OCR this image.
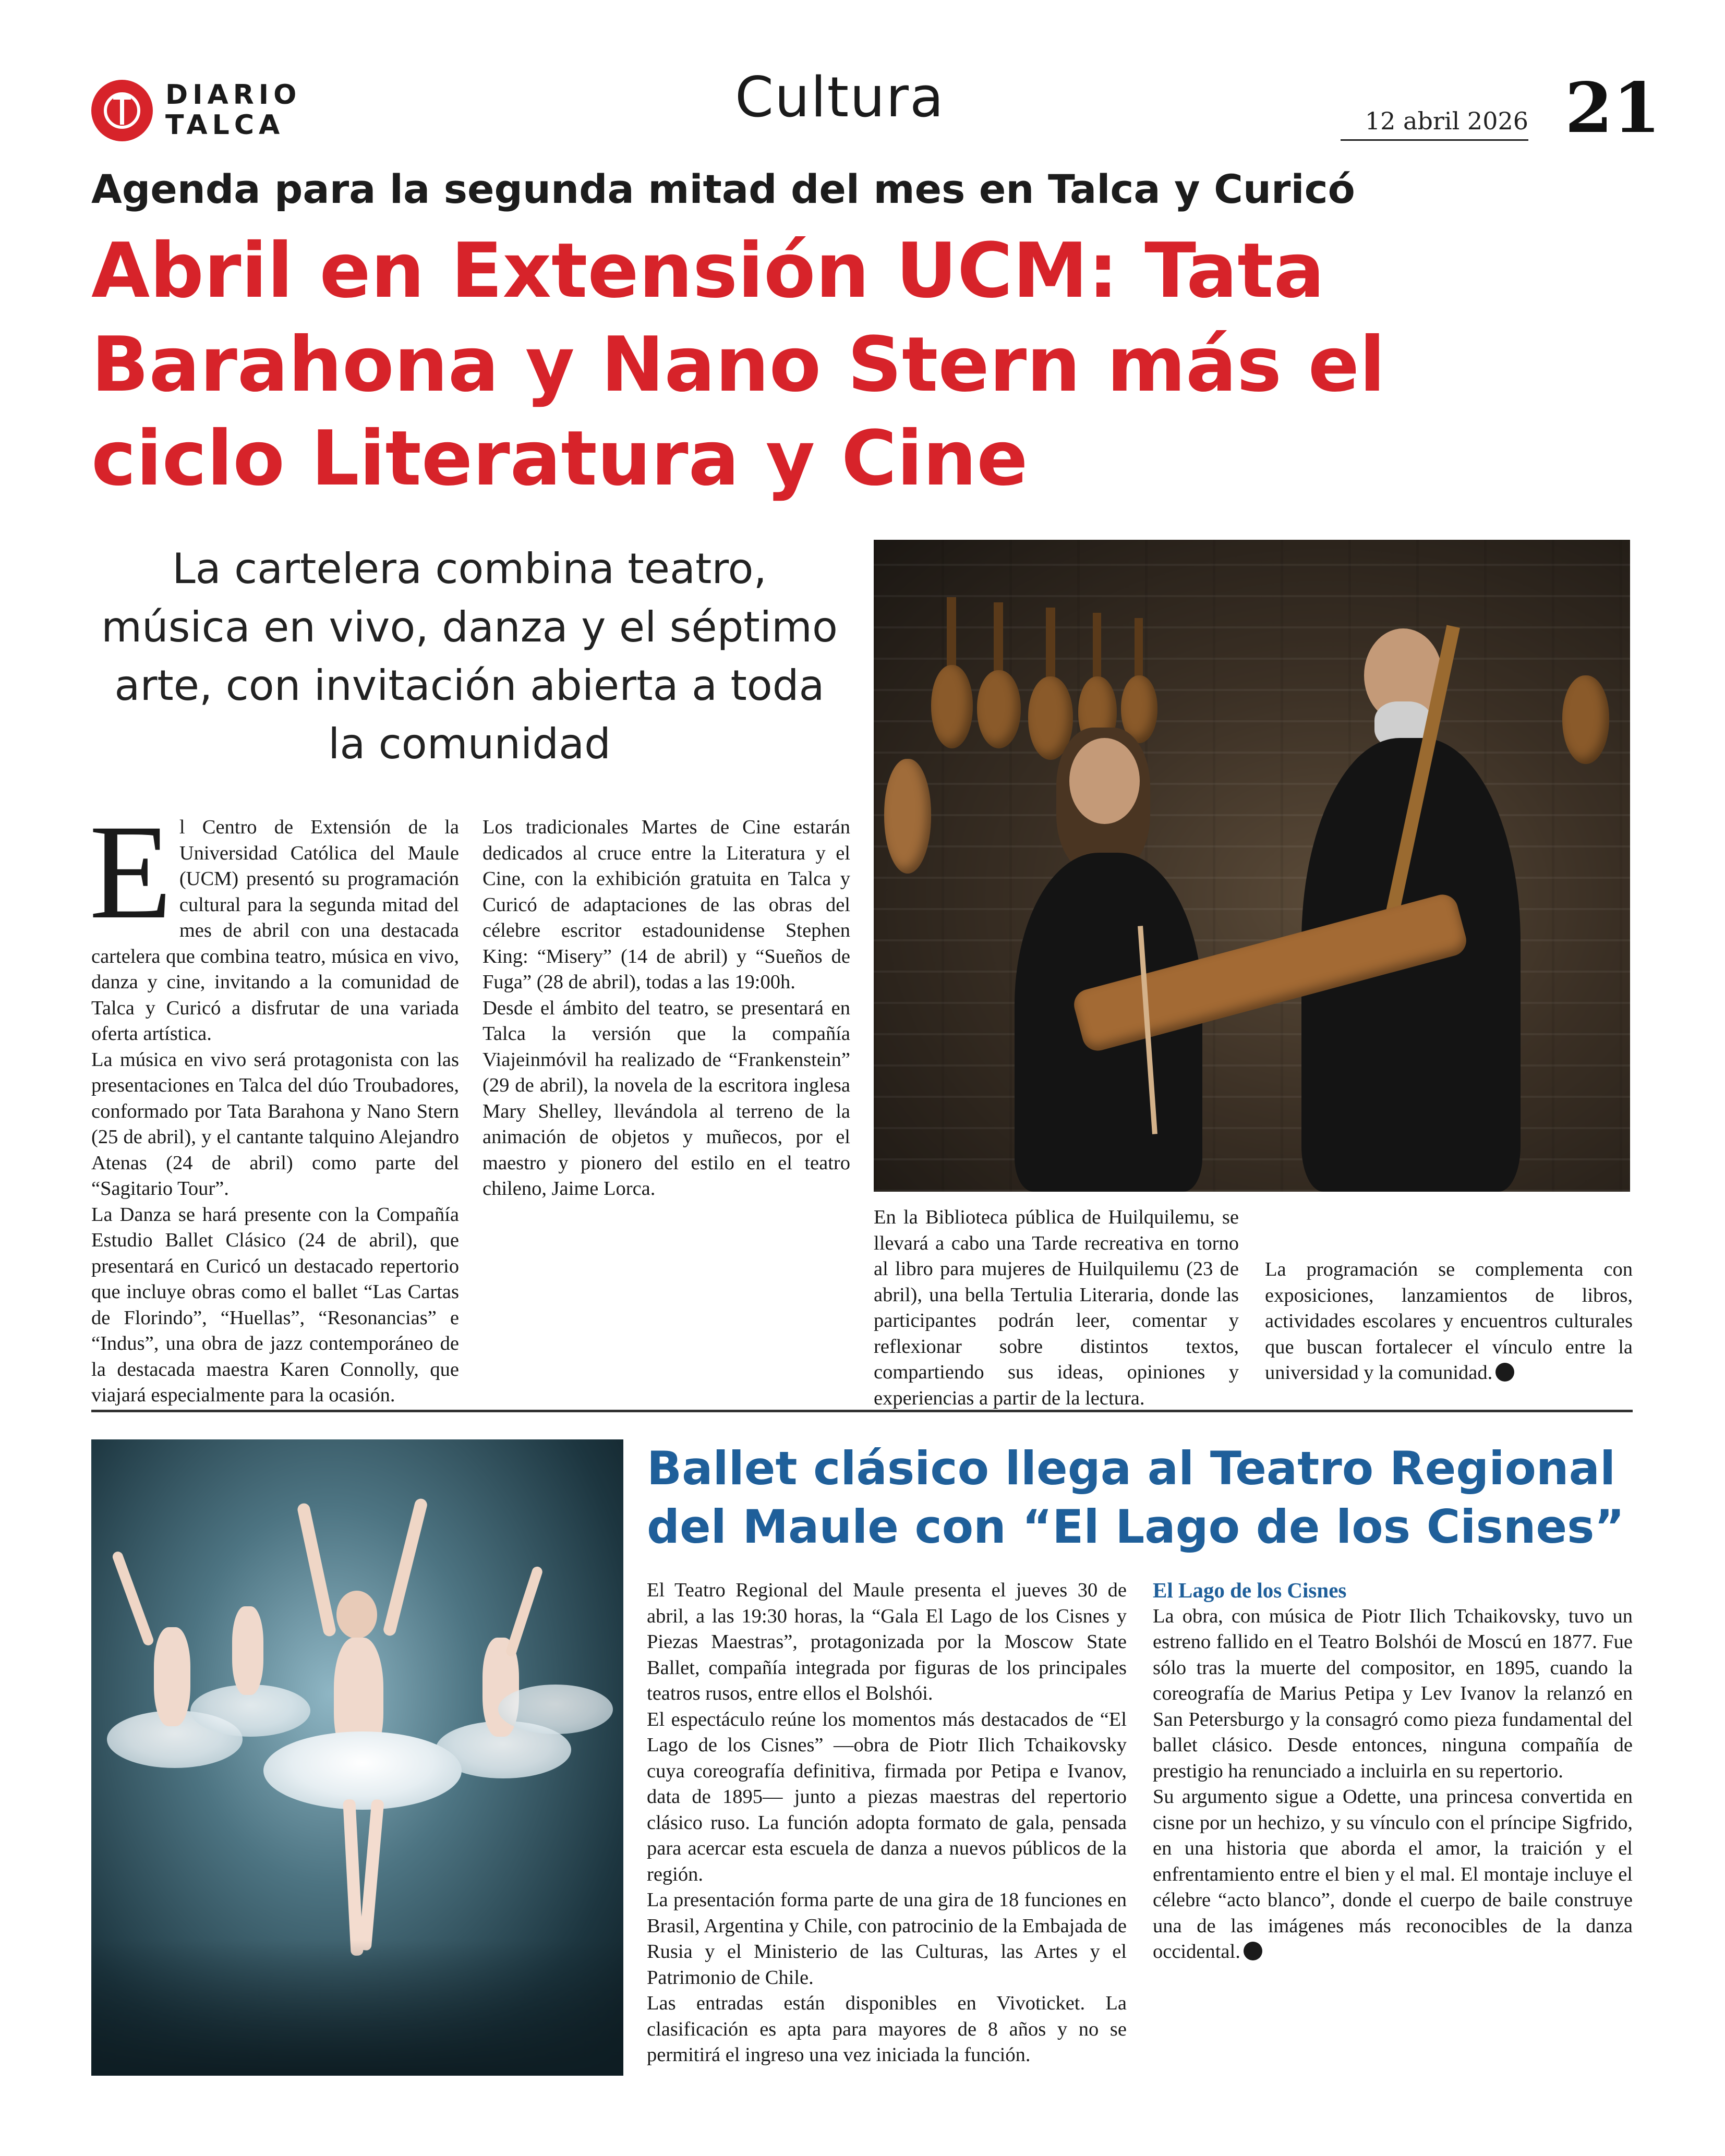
DIARIO
TALCA	Cultura	12 abril 2026 21
Agenda para la segunda mitad del mes en Talca y Curicó
Abril en Extensión UCM: Tata Barahona y Nano Stern más el ciclo Literatura y Cine
La cartelera combina teatro, música en vivo, danza y el séptimo arte, con invitación abierta a toda la comunidad
E l Centro de Extensión de la Universidad Católica del Maule (UCM) presentó su programación cultural para la segunda mitad del mes de abril con una destacada cartelera que combina teatro, música en vivo, danza y cine, invitando a la comunidad de Talca y Curicó a disfrutar de una variada oferta artística.

La música en vivo será protagonista con las presentaciones en Talca del dúo Troubadores, conformado por Tata Barahona y Nano Stern (25 de abril), y el cantante talquino Alejandro Atenas (24 de abril) como parte del “Sagitario Tour”.

La Danza se hará presente con la Compañía Estudio Ballet Clásico (24 de abril), que presentará en Curicó un destacado repertorio que incluye obras como el ballet “Las Cartas de Florindo”, “Huellas”, “Resonancias” e “Indus”, una obra de jazz contemporáneo de la destacada maestra Karen Connolly, que viajará especialmente para la ocasión.

Los tradicionales Martes de Cine estarán dedicados al cruce entre la Literatura y el Cine, con la exhibición gratuita en Talca y Curicó de adaptaciones de las obras del célebre escritor estadounidense Stephen King: “Misery” (14 de abril) y “Sueños de Fuga” (28 de abril), todas a las 19:00h.

Desde el ámbito del teatro, se presentará en Talca la versión que la compañía Viajeinmóvil ha realizado de “Frankenstein” (29 de abril), la novela de la escritora inglesa Mary Shelley, llevándola al terreno de la animación de objetos y muñecos, por el maestro y pionero del estilo en el teatro chileno, Jaime Lorca.

En la Biblioteca pública de Huilquilemu, se llevará a cabo una Tarde recreativa en torno al libro para mujeres de Huilquilemu (23 de abril), una bella Tertulia Literaria, donde las participantes podrán leer, comentar y reflexionar sobre distintos textos, compartiendo sus ideas, opiniones y experiencias a partir de la lectura.

La programación se complementa con exposiciones, lanzamientos de libros, actividades escolares y encuentros culturales que buscan fortalecer el vínculo entre la universidad y la comunidad.

Ballet clásico llega al Teatro Regional del Maule con “El Lago de los Cisnes”

El Teatro Regional del Maule presenta el jueves 30 de abril, a las 19:30 horas, la “Gala El Lago de los Cisnes y Piezas Maestras”, protagonizada por la Moscow State Ballet, compañía integrada por figuras de los principales teatros rusos, entre ellos el Bolshói.

El espectáculo reúne los momentos más destacados de “El Lago de los Cisnes” —obra de Piotr Ilich Tchaikovsky cuya coreografía definitiva, firmada por Petipa e Ivanov, data de 1895— junto a piezas maestras del repertorio clásico ruso. La función adopta formato de gala, pensada para acercar esta escuela de danza a nuevos públicos de la región.

La presentación forma parte de una gira de 18 funciones en Brasil, Argentina y Chile, con patrocinio de la Embajada de Rusia y el Ministerio de las Culturas, las Artes y el Patrimonio de Chile.

Las entradas están disponibles en Vivoticket. La clasificación es apta para mayores de 8 años y no se permitirá el ingreso una vez iniciada la función.

El Lago de los Cisnes

La obra, con música de Piotr Ilich Tchaikovsky, tuvo un estreno fallido en el Teatro Bolshói de Moscú en 1877. Fue sólo tras la muerte del compositor, en 1895, cuando la coreografía de Marius Petipa y Lev Ivanov la relanzó en San Petersburgo y la consagró como pieza fundamental del ballet clásico. Desde entonces, ninguna compañía de prestigio ha renunciado a incluirla en su repertorio.

Su argumento sigue a Odette, una princesa convertida en cisne por un hechizo, y su vínculo con el príncipe Sigfrido, en una historia que aborda el amor, la traición y el enfrentamiento entre el bien y el mal. El montaje incluye el célebre “acto blanco”, donde el cuerpo de baile construye una de las imágenes más reconocibles de la danza occidental.
